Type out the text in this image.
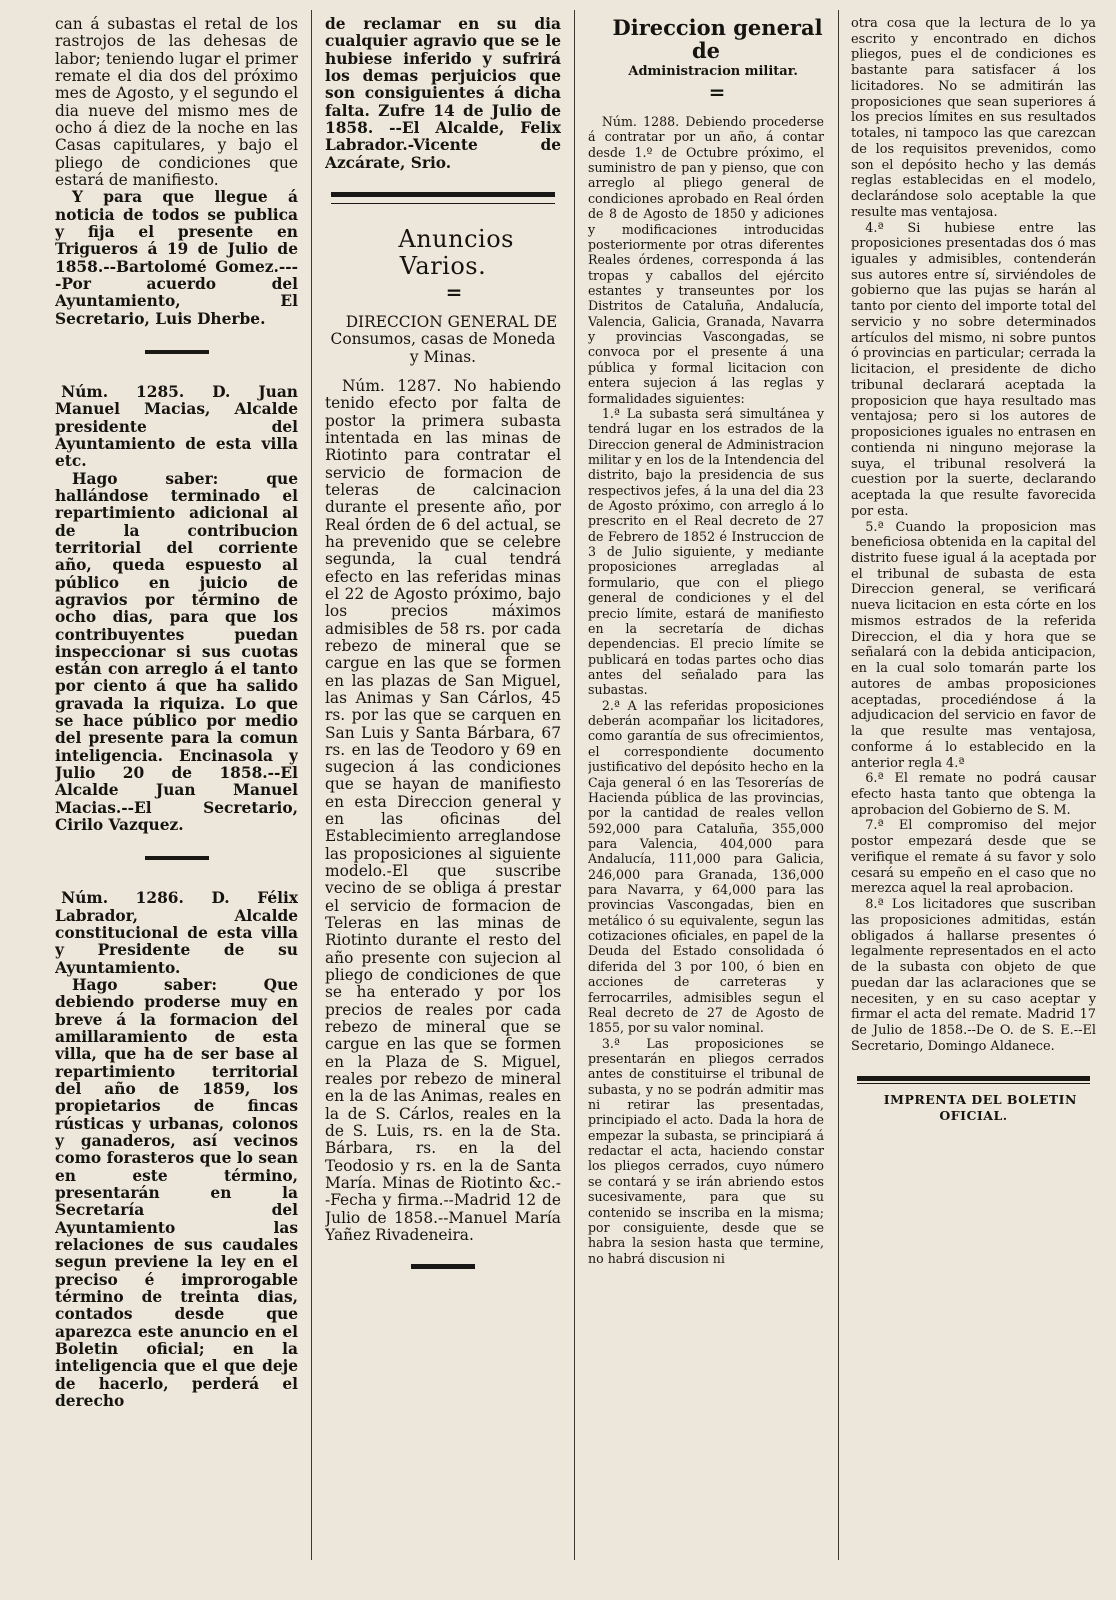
can á subastas el retal de los rastrojos de las dehesas de labor; teniendo lugar el primer remate el dia dos del próximo mes de Agosto, y el segundo el dia nueve del mismo mes de ocho á diez de la noche en las Casas capitulares, y bajo el pliego de condiciones que estará de manifiesto.

Y para que llegue á noticia de todos se publica y fija el presente en Trigueros á 19 de Julio de 1858.--Bartolomé Gomez.----Por acuerdo del Ayuntamiento, El Secretario, Luis Dherbe.

Núm. 1285. D. Juan Manuel Macias, Alcalde presidente del Ayuntamiento de esta villa etc.

Hago saber: que hallándose terminado el repartimiento adicional al de la contribucion territorial del corriente año, queda espuesto al público en juicio de agravios por término de ocho dias, para que los contribuyentes puedan inspeccionar si sus cuotas están con arreglo á el tanto por ciento á que ha salido gravada la riquiza. Lo que se hace público por medio del presente para la comun inteligencia. Encinasola y Julio 20 de 1858.--El Alcalde Juan Manuel Macias.--El Secretario, Cirilo Vazquez.

Núm. 1286. D. Félix Labrador, Alcalde constitucional de esta villa y Presidente de su Ayuntamiento.

Hago saber: Que debiendo proderse muy en breve á la formacion del amillaramiento de esta villa, que ha de ser base al repartimiento territorial del año de 1859, los propietarios de fincas rústicas y urbanas, colonos y ganaderos, así vecinos como forasteros que lo sean en este término, presentarán en la Secretaría del Ayuntamiento las relaciones de sus caudales segun previene la ley en el preciso é improrogable término de treinta dias, contados desde que aparezca este anuncio en el Boletin oficial; en la inteligencia que el que deje de hacerlo, perderá el derecho

de reclamar en su dia cualquier agravio que se le hubiese inferido y sufrirá los demas perjuicios que son consiguientes á dicha falta. Zufre 14 de Julio de 1858. --El Alcalde, Felix Labrador.-Vicente de Azcárate, Srio.

Anuncios Varios.

=

DIRECCION GENERAL DE Consumos, casas de Moneda y Minas.

Núm. 1287. No habiendo tenido efecto por falta de postor la primera subasta intentada en las minas de Riotinto para contratar el servicio de formacion de teleras de calcinacion durante el presente año, por Real órden de 6 del actual, se ha prevenido que se celebre segunda, la cual tendrá efecto en las referidas minas el 22 de Agosto próximo, bajo los precios máximos admisibles de 58 rs. por cada rebezo de mineral que se cargue en las que se formen en las plazas de San Miguel, las Animas y San Cárlos, 45 rs. por las que se carquen en San Luis y Santa Bárbara, 67 rs. en las de Teodoro y 69 en sugecion á las condiciones que se hayan de manifiesto en esta Direccion general y en las oficinas del Establecimiento arreglandose las proposiciones al siguiente modelo.-El que suscribe vecino de se obliga á prestar el servicio de formacion de Teleras en las minas de Riotinto durante el resto del año presente con sujecion al pliego de condiciones de que se ha enterado y por los precios de reales por cada rebezo de mineral que se cargue en las que se formen en la Plaza de S. Miguel, reales por rebezo de mineral en la de las Animas, reales en la de S. Cárlos, reales en la de S. Luis, rs. en la de Sta. Bárbara, rs. en la del Teodosio y rs. en la de Santa María. Minas de Riotinto &c.--Fecha y firma.--Madrid 12 de Julio de 1858.--Manuel María Yañez Rivadeneira.

Direccion general de

Administracion militar.

=

Núm. 1288. Debiendo procederse á contratar por un año, á contar desde 1.º de Octubre próximo, el suministro de pan y pienso, que con arreglo al pliego general de condiciones aprobado en Real órden de 8 de Agosto de 1850 y adiciones y modificaciones introducidas posteriormente por otras diferentes Reales órdenes, corresponda á las tropas y caballos del ejército estantes y transeuntes por los Distritos de Cataluña, Andalucía, Valencia, Galicia, Granada, Navarra y provincias Vascongadas, se convoca por el presente á una pública y formal licitacion con entera sujecion á las reglas y formalidades siguientes:

1.ª La subasta será simultánea y tendrá lugar en los estrados de la Direccion general de Administracion militar y en los de la Intendencia del distrito, bajo la presidencia de sus respectivos jefes, á la una del dia 23 de Agosto próximo, con arreglo á lo prescrito en el Real decreto de 27 de Febrero de 1852 é Instruccion de 3 de Julio siguiente, y mediante proposiciones arregladas al formulario, que con el pliego general de condiciones y el del precio límite, estará de manifiesto en la secretaría de dichas dependencias. El precio límite se publicará en todas partes ocho dias antes del señalado para las subastas.

2.ª A las referidas proposiciones deberán acompañar los licitadores, como garantía de sus ofrecimientos, el correspondiente documento justificativo del depósito hecho en la Caja general ó en las Tesorerías de Hacienda pública de las provincias, por la cantidad de reales vellon 592,000 para Cataluña, 355,000 para Valencia, 404,000 para Andalucía, 111,000 para Galicia, 246,000 para Granada, 136,000 para Navarra, y 64,000 para las provincias Vascongadas, bien en metálico ó su equivalente, segun las cotizaciones oficiales, en papel de la Deuda del Estado consolidada ó diferida del 3 por 100, ó bien en acciones de carreteras y ferrocarriles, admisibles segun el Real decreto de 27 de Agosto de 1855, por su valor nominal.

3.ª Las proposiciones se presentarán en pliegos cerrados antes de constituirse el tribunal de subasta, y no se podrán admitir mas ni retirar las presentadas, principiado el acto. Dada la hora de empezar la subasta, se principiará á redactar el acta, haciendo constar los pliegos cerrados, cuyo número se contará y se irán abriendo estos sucesivamente, para que su contenido se inscriba en la misma; por consiguiente, desde que se habra la sesion hasta que termine, no habrá discusion ni

otra cosa que la lectura de lo ya escrito y encontrado en dichos pliegos, pues el de condiciones es bastante para satisfacer á los licitadores. No se admitirán las proposiciones que sean superiores á los precios límites en sus resultados totales, ni tampoco las que carezcan de los requisitos prevenidos, como son el depósito hecho y las demás reglas establecidas en el modelo, declarándose solo aceptable la que resulte mas ventajosa.

4.ª Si hubiese entre las proposiciones presentadas dos ó mas iguales y admisibles, contenderán sus autores entre sí, sirviéndoles de gobierno que las pujas se harán al tanto por ciento del importe total del servicio y no sobre determinados artículos del mismo, ni sobre puntos ó provincias en particular; cerrada la licitacion, el presidente de dicho tribunal declarará aceptada la proposicion que haya resultado mas ventajosa; pero si los autores de proposiciones iguales no entrasen en contienda ni ninguno mejorase la suya, el tribunal resolverá la cuestion por la suerte, declarando aceptada la que resulte favorecida por esta.

5.ª Cuando la proposicion mas beneficiosa obtenida en la capital del distrito fuese igual á la aceptada por el tribunal de subasta de esta Direccion general, se verificará nueva licitacion en esta córte en los mismos estrados de la referida Direccion, el dia y hora que se señalará con la debida anticipacion, en la cual solo tomarán parte los autores de ambas proposiciones aceptadas, procediéndose á la adjudicacion del servicio en favor de la que resulte mas ventajosa, conforme á lo establecido en la anterior regla 4.ª

6.ª El remate no podrá causar efecto hasta tanto que obtenga la aprobacion del Gobierno de S. M.

7.ª El compromiso del mejor postor empezará desde que se verifique el remate á su favor y solo cesará su empeño en el caso que no merezca aquel la real aprobacion.

8.ª Los licitadores que suscriban las proposiciones admitidas, están obligados á hallarse presentes ó legalmente representados en el acto de la subasta con objeto de que puedan dar las aclaraciones que se necesiten, y en su caso aceptar y firmar el acta del remate. Madrid 17 de Julio de 1858.--De O. de S. E.--El Secretario, Domingo Aldanece.

IMPRENTA DEL BOLETIN OFICIAL.
